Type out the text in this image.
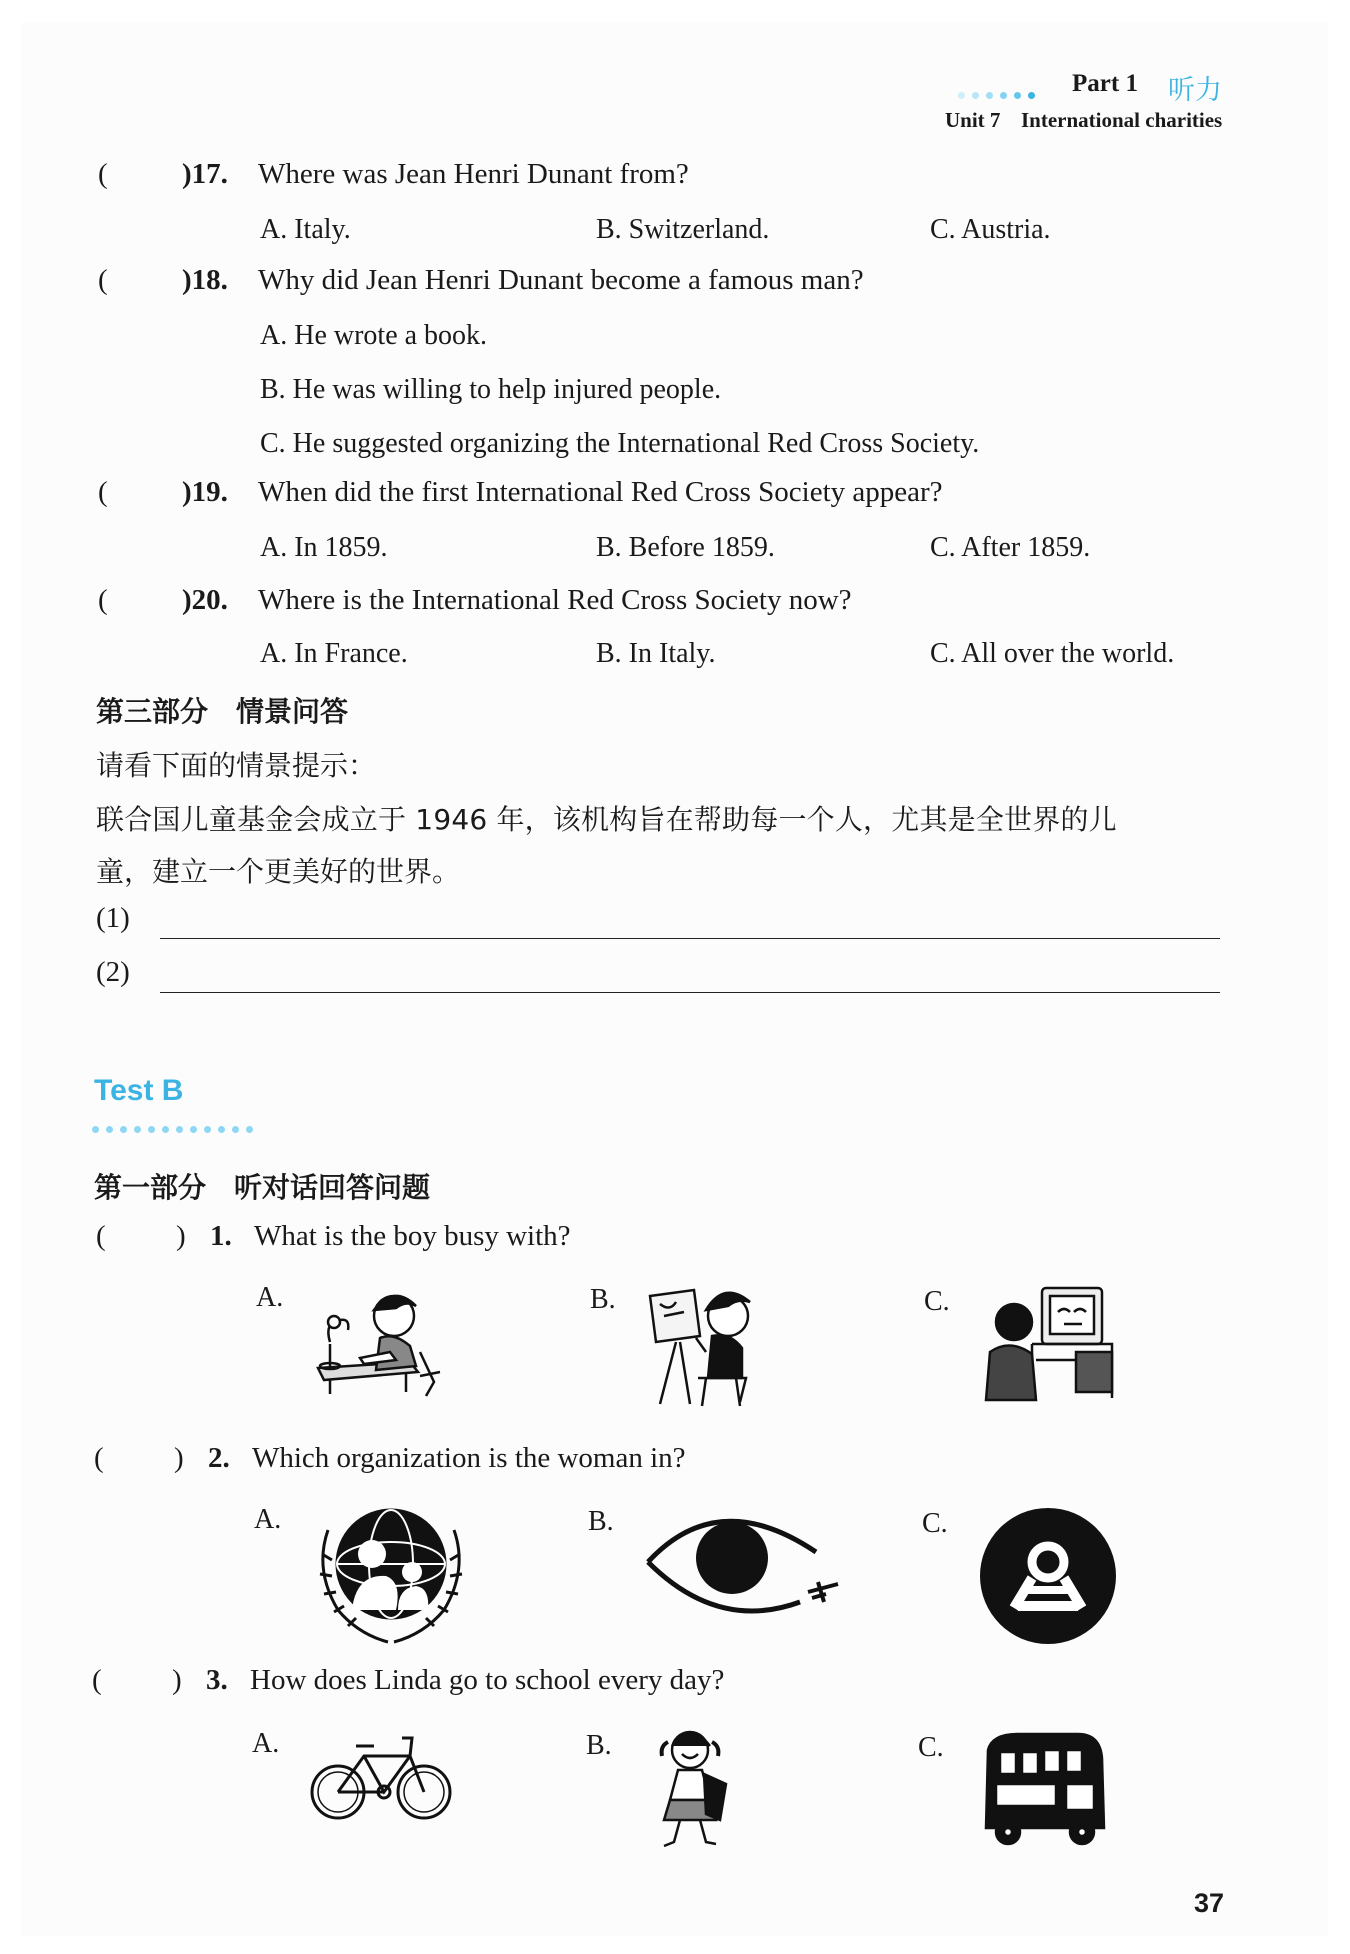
Part 1 听力
Unit 7 International charities
(	)17. Where was Jean Henri Dunant from?
A. Italy.	B. Switzerland.	C. Austria.
(	)18. Why did Jean Henri Dunant become a famous man?
A. He wrote a book.
B. He was willing to help injured people.
C. He suggested organizing the International Red Cross Society.
(	)19. When did the first International Red Cross Society appear?
A. In 1859.	B. Before 1859.	C. After 1859.
(	)20. Where is the International Red Cross Society now?
A. In France.	B. In Italy.	C. All over the world.
第三部分　情景问答
请看下面的情景提示：
联合国儿童基金会成立于 1946 年，该机构旨在帮助每一个人，尤其是全世界的儿
童，建立一个更美好的世界。
(1)
(2)
Test B
第一部分　听对话回答问题
( ) 1. What is the boy busy with?
A.	B.	C.
( ) 2. Which organization is the woman in?
A.	B.	C.
( ) 3. How does Linda go to school every day?
A.	B.	C.
37
